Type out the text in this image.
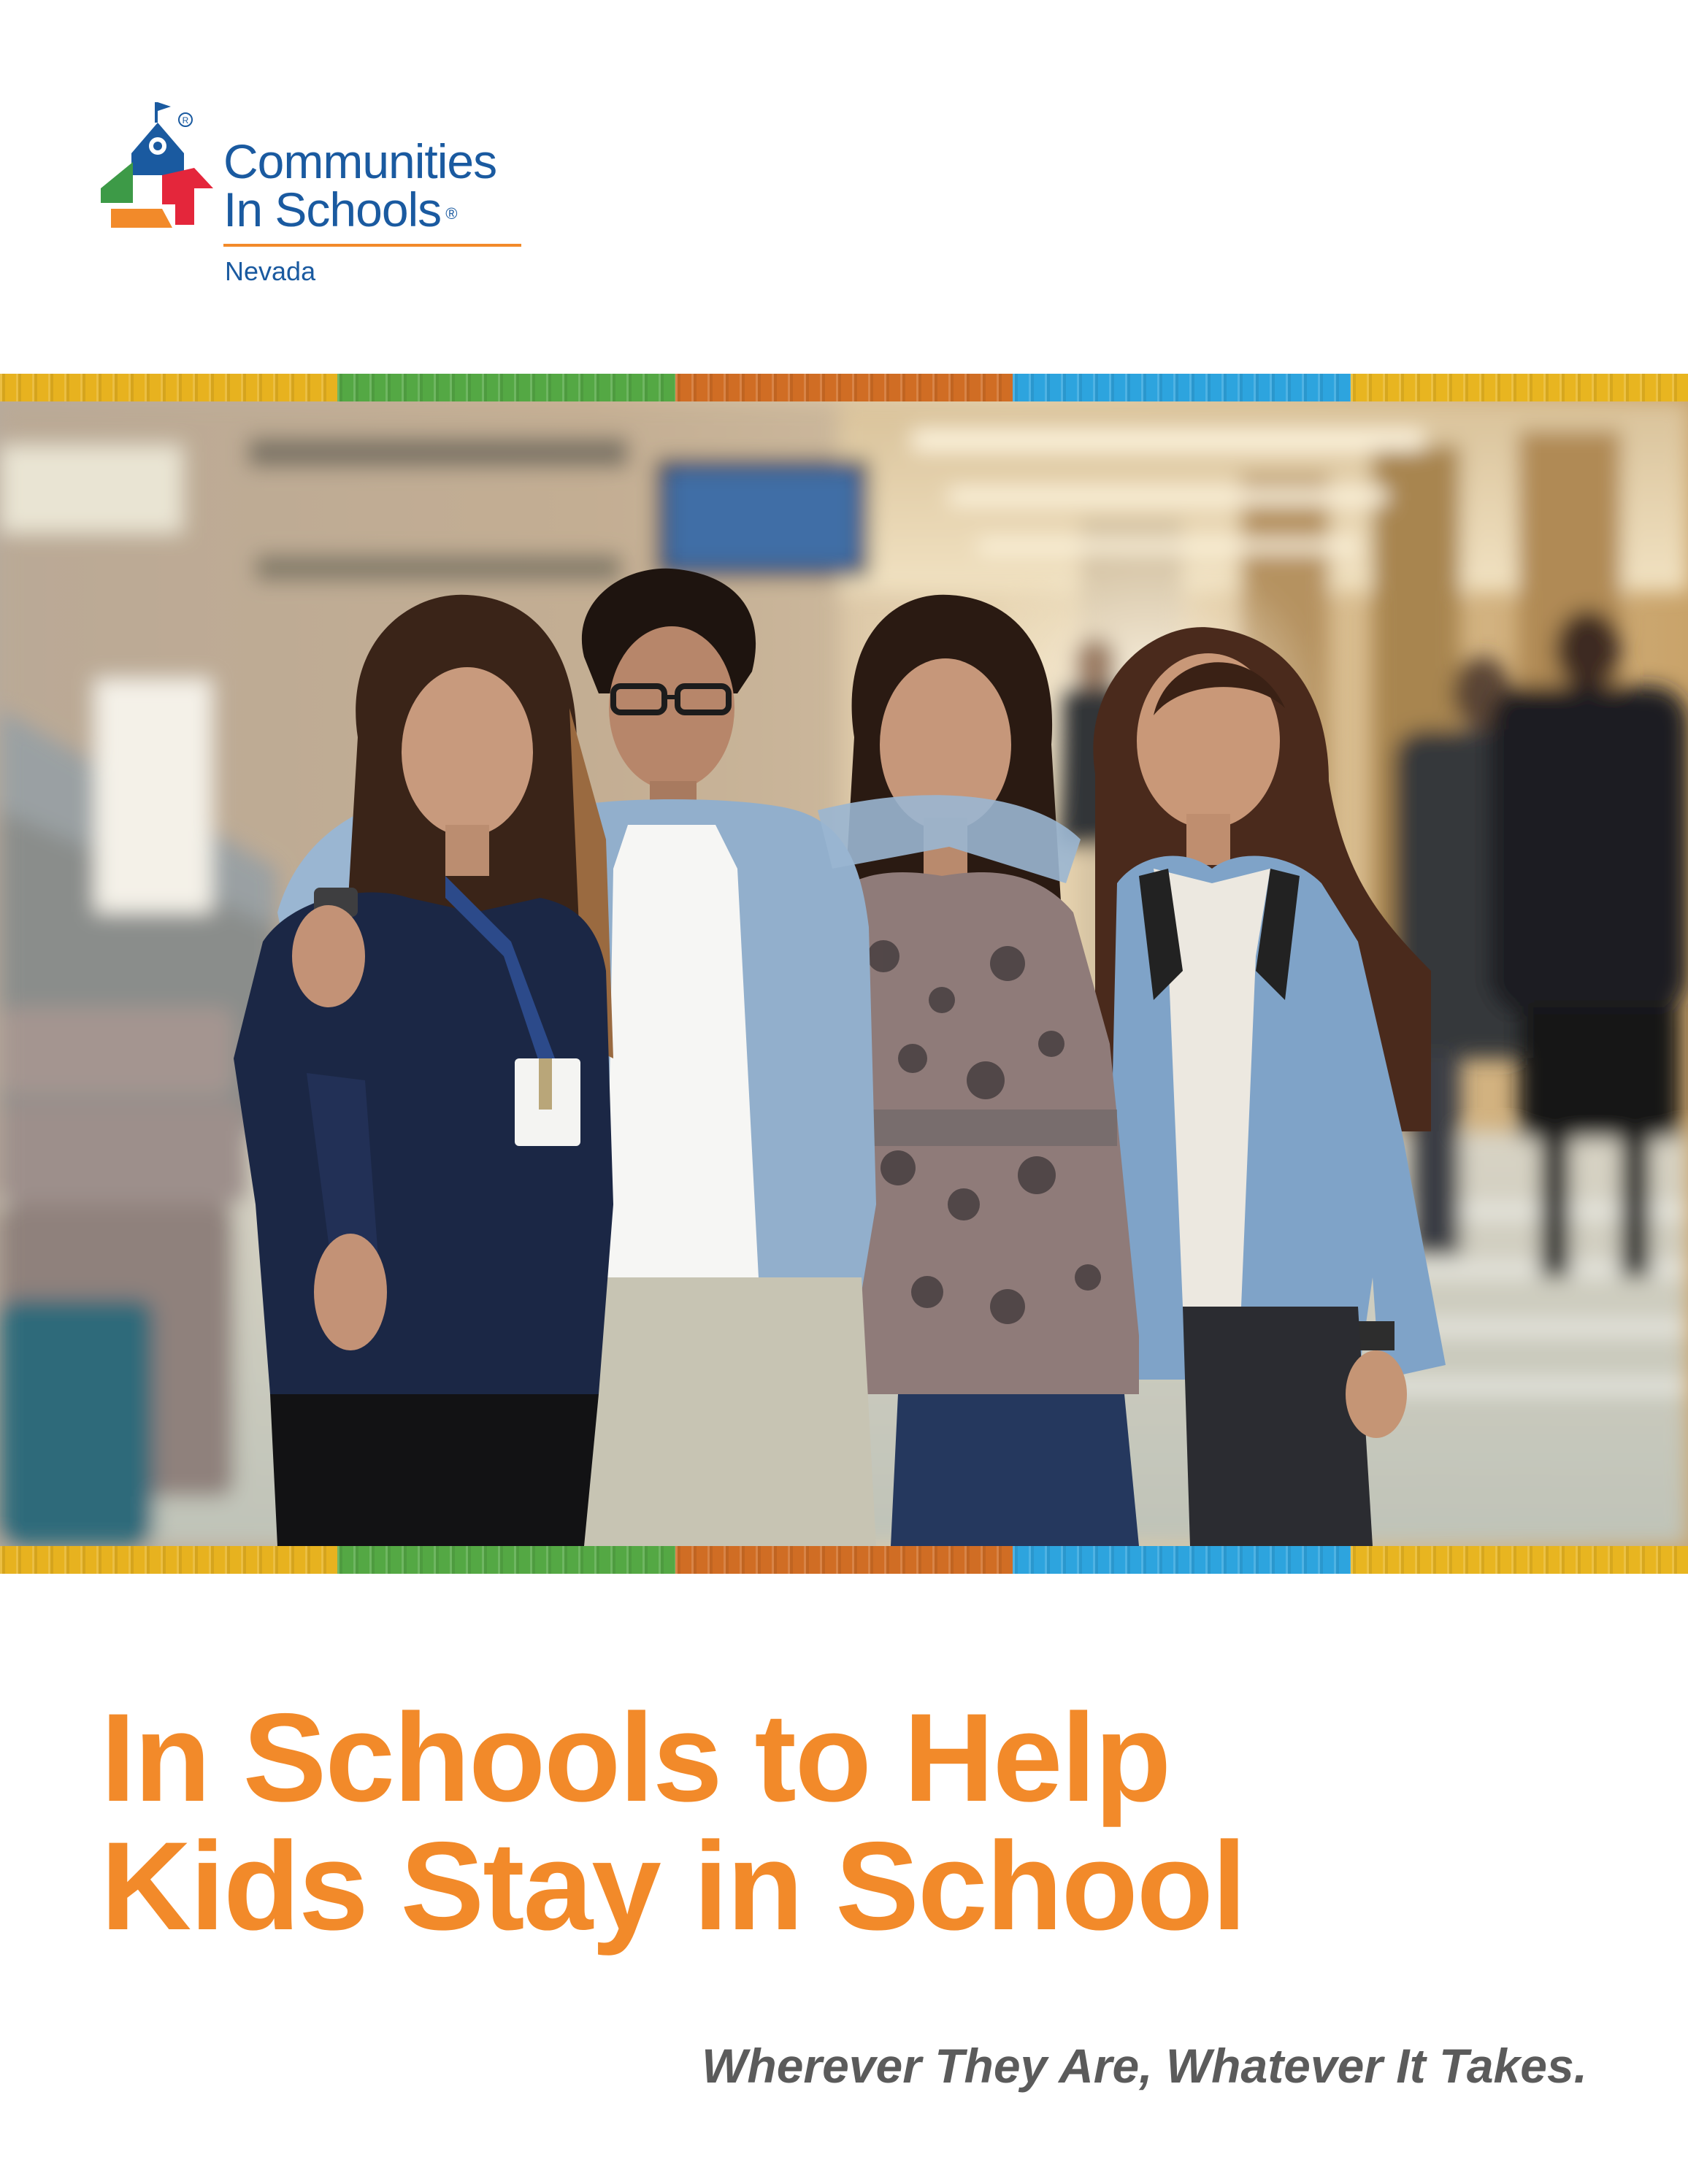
R
Communities
In Schools ®
Nevada
In Schools to Help
Kids Stay in School
Wherever They Are, Whatever It Takes.
